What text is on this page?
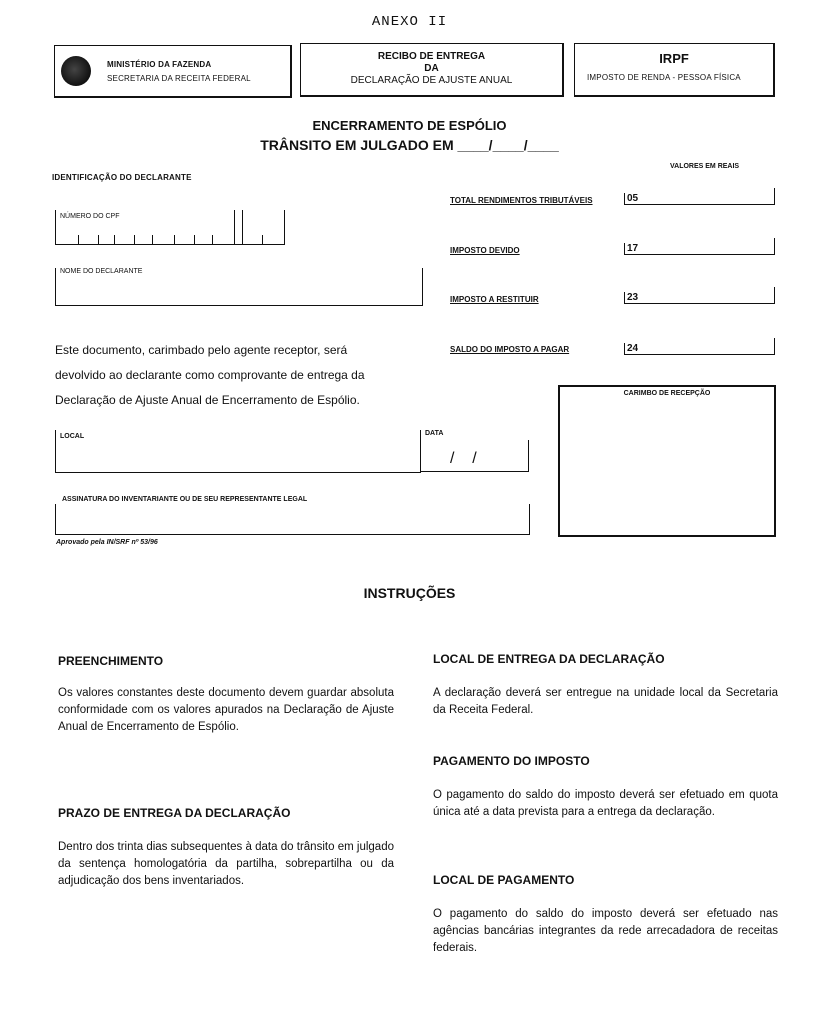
ANEXO II
MINISTÉRIO DA FAZENDA
SECRETARIA DA RECEITA FEDERAL
RECIBO DE ENTREGA
DA
DECLARAÇÃO DE AJUSTE ANUAL
IRPF
IMPOSTO DE RENDA - PESSOA FÍSICA
ENCERRAMENTO DE ESPÓLIO
TRÂNSITO EM JULGADO EM ____/____/____
VALORES EM REAIS
IDENTIFICAÇÃO DO DECLARANTE
NÚMERO DO CPF
NOME DO DECLARANTE
TOTAL RENDIMENTOS TRIBUTÁVEIS	05
IMPOSTO DEVIDO	17
IMPOSTO A RESTITUIR	23
SALDO DO IMPOSTO A PAGAR	24
Este documento, carimbado pelo agente receptor, será
devolvido ao declarante como comprovante de entrega da
Declaração de Ajuste Anual de Encerramento de Espólio.	CARIMBO DE RECEPÇÃO
LOCAL	DATA
/    /
ASSINATURA DO INVENTARIANTE OU DE SEU REPRESENTANTE LEGAL
Aprovado pela IN/SRF nº 53/96
INSTRUÇÕES
PREENCHIMENTO
Os valores constantes deste documento devem guardar absoluta conformidade com os valores apurados na Declaração de Ajuste Anual de Encerramento de Espólio.
PRAZO DE ENTREGA DA DECLARAÇÃO
Dentro dos trinta dias subsequentes à data do trânsito em julgado da sentença homologatória da partilha, sobrepartilha ou da adjudicação dos bens inventariados.
LOCAL DE ENTREGA DA DECLARAÇÃO
A declaração deverá ser entregue na unidade local da Secretaria da Receita Federal.
PAGAMENTO DO IMPOSTO
O pagamento do saldo do imposto deverá ser efetuado em quota única até a data prevista para a entrega da declaração.
LOCAL DE PAGAMENTO
O pagamento do saldo do imposto deverá ser efetuado nas agências bancárias integrantes da rede arrecadadora de receitas federais.
